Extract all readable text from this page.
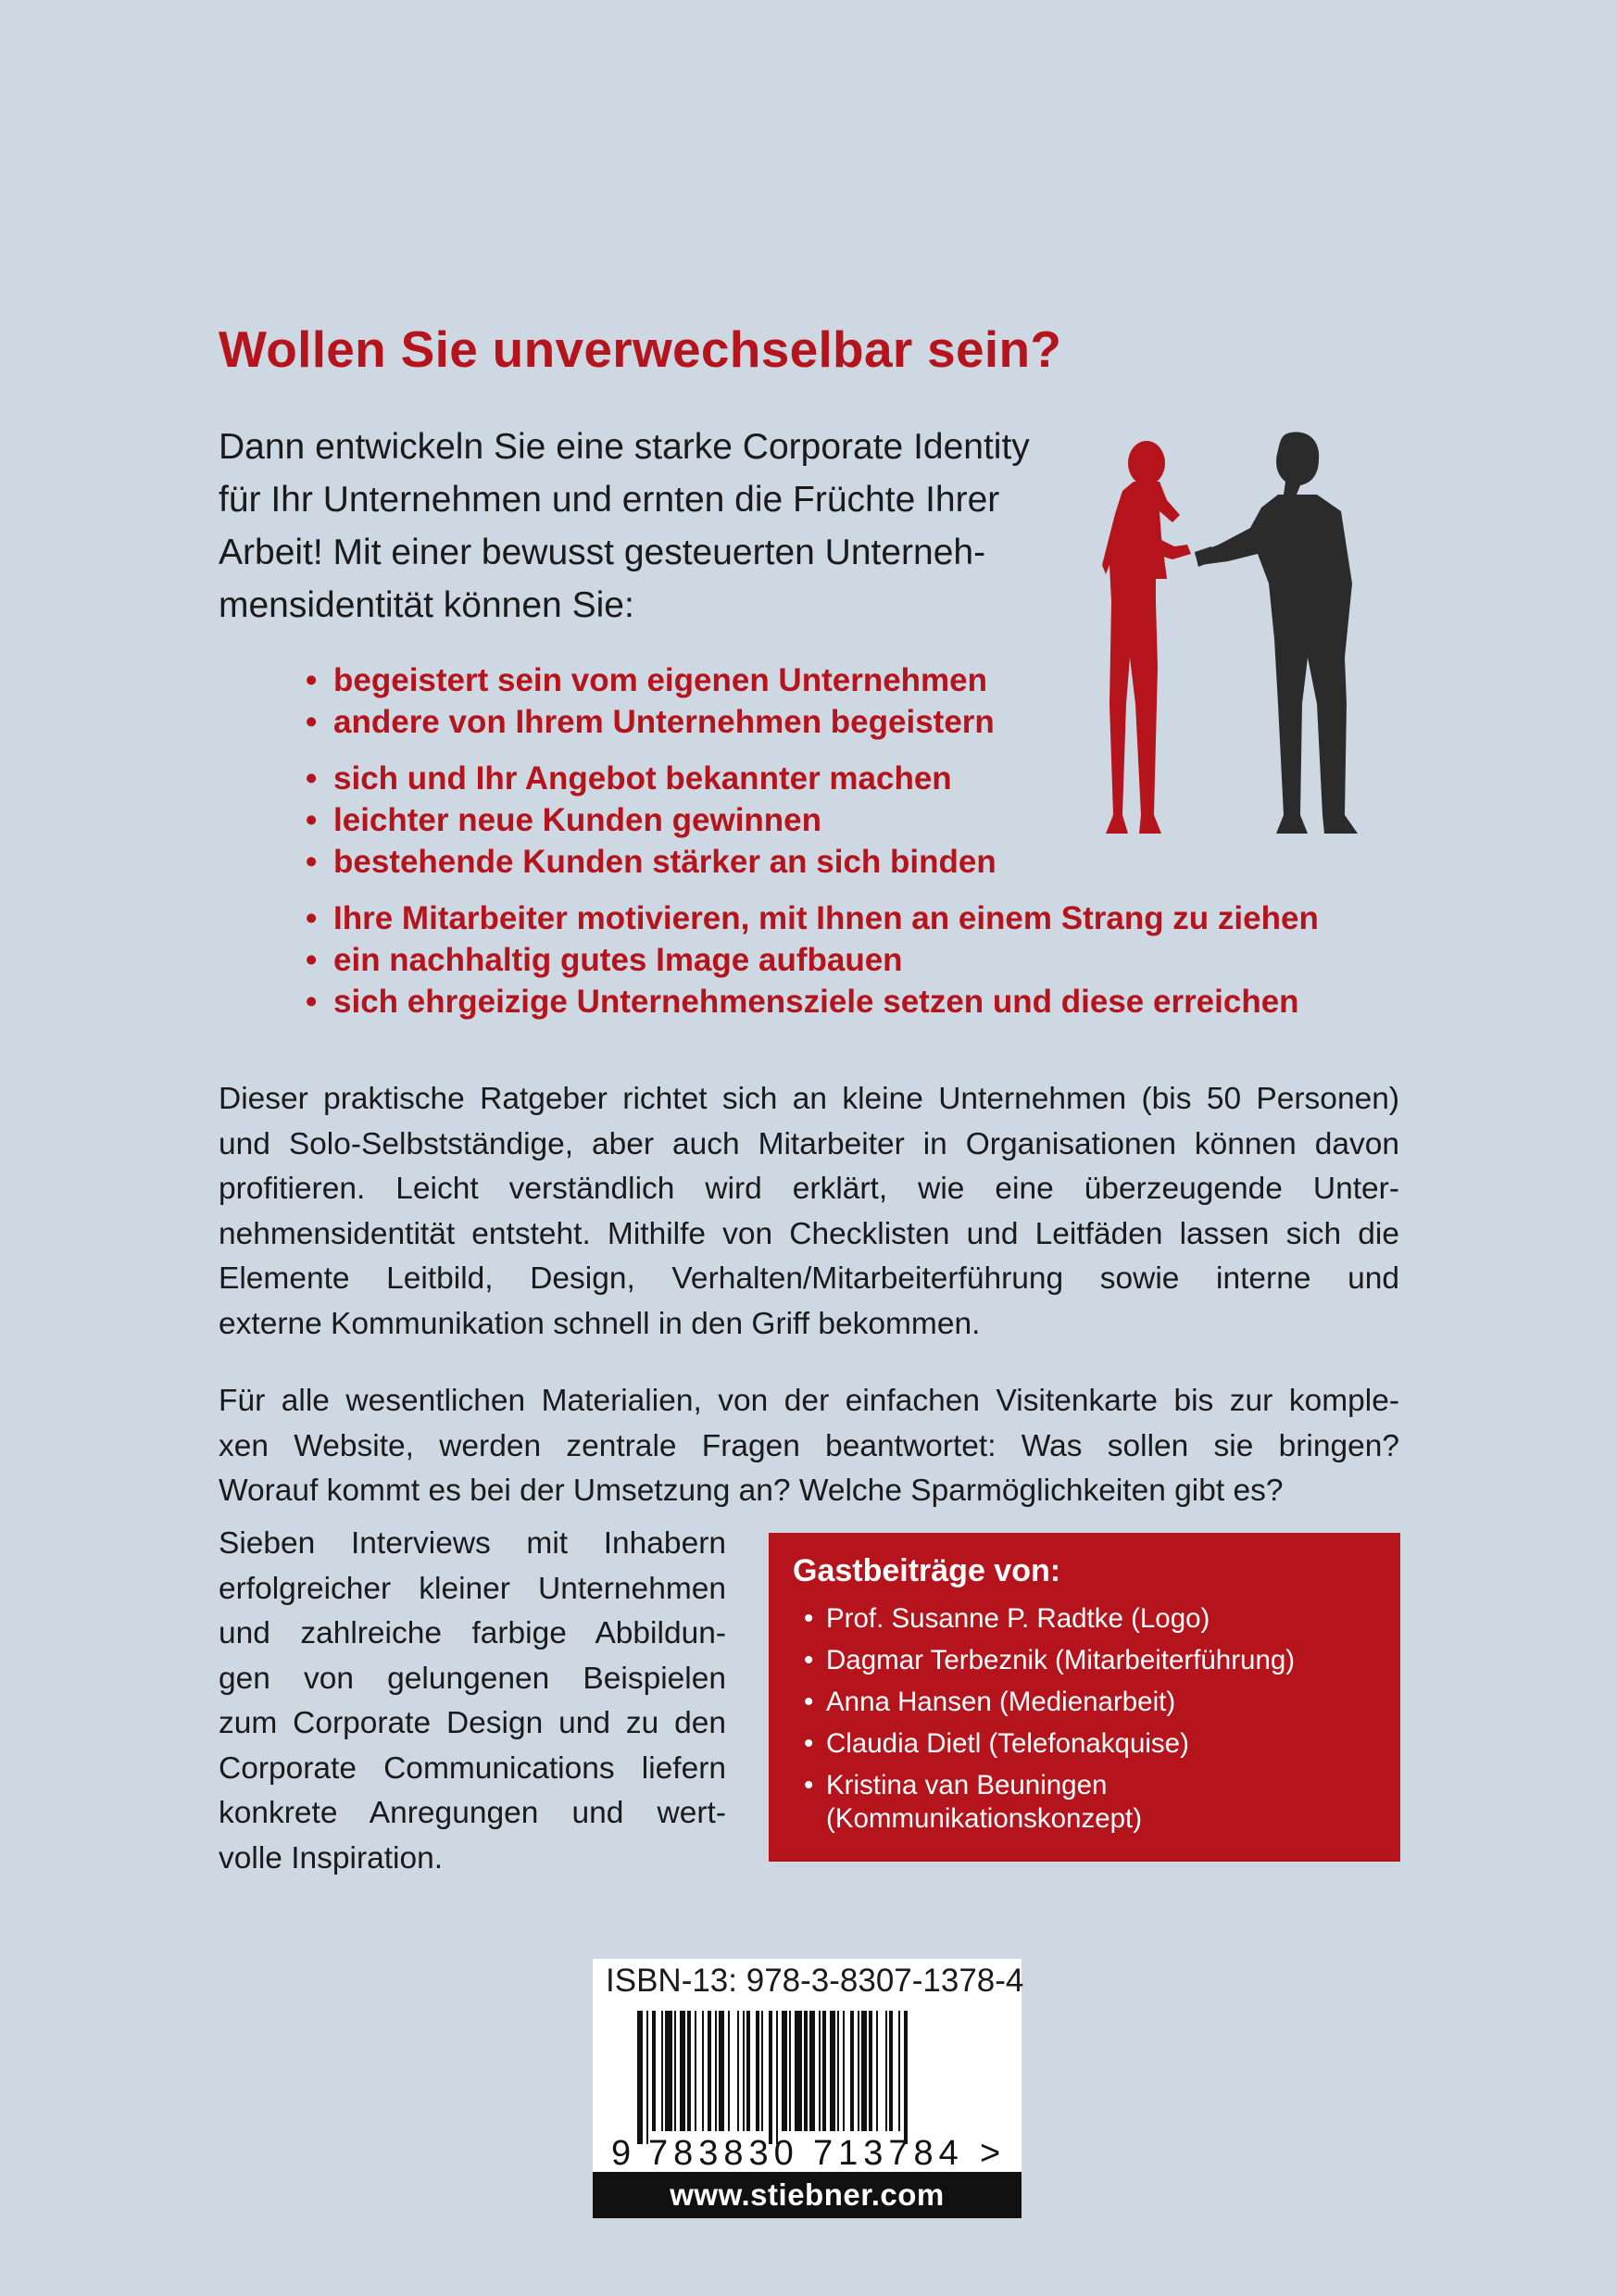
Wollen Sie unverwechselbar sein?
Dann entwickeln Sie eine starke Corporate Identity
für Ihr Unternehmen und ernten die Früchte Ihrer
Arbeit! Mit einer bewusst gesteuerten Unterneh-
mensidentität können Sie:
• begeistert sein vom eigenen Unternehmen
• andere von Ihrem Unternehmen begeistern
• sich und Ihr Angebot bekannter machen
• leichter neue Kunden gewinnen
• bestehende Kunden stärker an sich binden
• Ihre Mitarbeiter motivieren, mit Ihnen an einem Strang zu ziehen
• ein nachhaltig gutes Image aufbauen
• sich ehrgeizige Unternehmensziele setzen und diese erreichen
Dieser praktische Ratgeber richtet sich an kleine Unternehmen (bis 50 Personen)
und Solo-Selbstständige, aber auch Mitarbeiter in Organisationen können davon
profitieren. Leicht verständlich wird erklärt, wie eine überzeugende Unter-
nehmensidentität entsteht. Mithilfe von Checklisten und Leitfäden lassen sich die
Elemente Leitbild, Design, Verhalten/Mitarbeiterführung sowie interne und
externe Kommunikation schnell in den Griff bekommen.
Für alle wesentlichen Materialien, von der einfachen Visitenkarte bis zur komple-
xen Website, werden zentrale Fragen beantwortet: Was sollen sie bringen?
Worauf kommt es bei der Umsetzung an? Welche Sparmöglichkeiten gibt es?
Sieben Interviews mit Inhabern
erfolgreicher kleiner Unternehmen
und zahlreiche farbige Abbildun-
gen von gelungenen Beispielen
zum Corporate Design und zu den
Corporate Communications liefern
konkrete Anregungen und wert-
volle Inspiration.
Gastbeiträge von:
• Prof. Susanne P. Radtke (Logo)
• Dagmar Terbeznik (Mitarbeiterführung)
• Anna Hansen (Medienarbeit)
• Claudia Dietl (Telefonakquise)
• Kristina van Beuningen
(Kommunikationskonzept)
ISBN-13: 978-3-8307-1378-4
9 783830 713784 >
www.stiebner.com
